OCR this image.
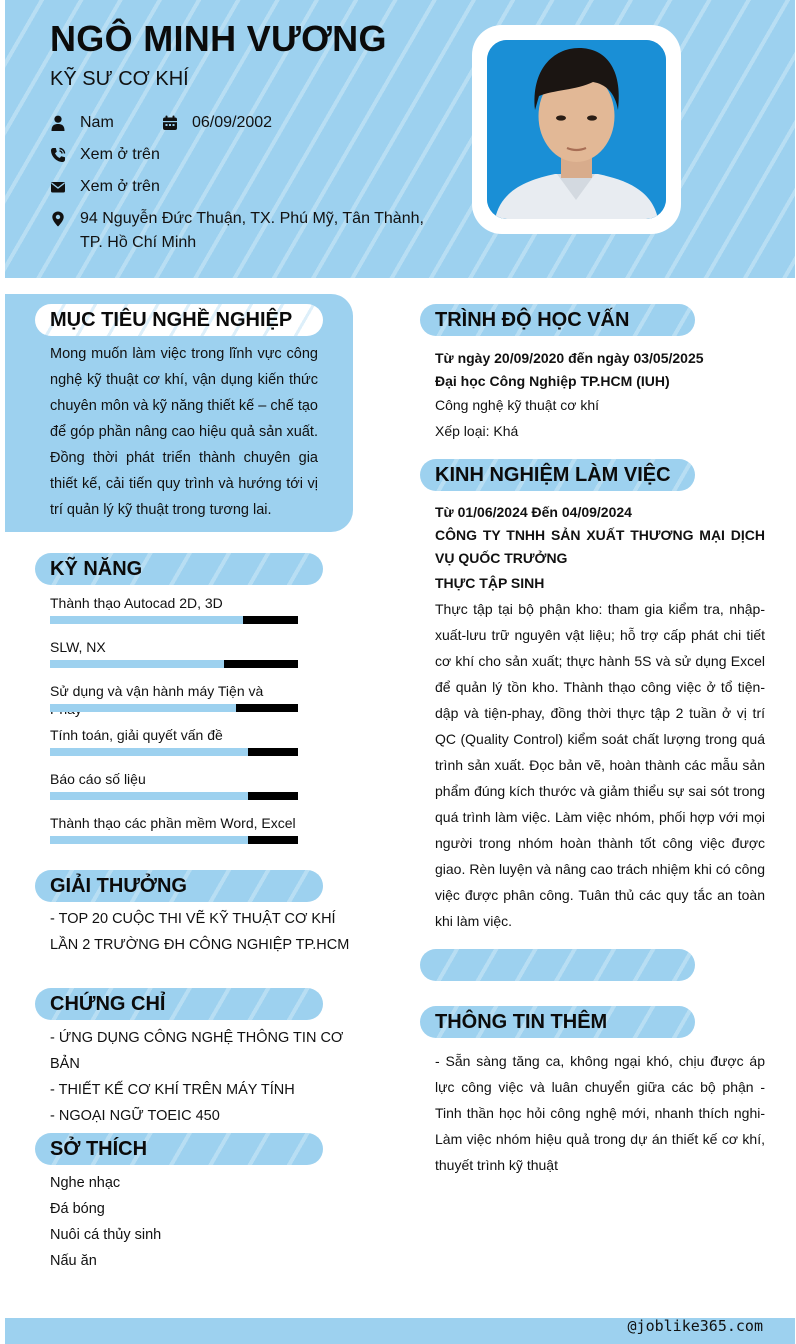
NGÔ MINH VƯƠNG
KỸ SƯ CƠ KHÍ
Nam	06/09/2002
Xem ở trên
Xem ở trên
94 Nguyễn Đức Thuận, TX. Phú Mỹ, Tân Thành, TP. Hồ Chí Minh
MỤC TIÊU NGHỀ NGHIỆP
Mong muốn làm việc trong lĩnh vực công nghệ kỹ thuật cơ khí, vận dụng kiến thức chuyên môn và kỹ năng thiết kế – chế tạo để góp phần nâng cao hiệu quả sản xuất. Đồng thời phát triển thành chuyên gia thiết kế, cải tiến quy trình và hướng tới vị trí quản lý kỹ thuật trong tương lai.
KỸ NĂNG
Thành thạo Autocad 2D, 3D
SLW, NX
Sử dụng và vận hành máy Tiện và
Tính toán, giải quyết vấn đề
Báo cáo số liệu
Thành thạo các phần mềm Word, Excel
GIẢI THƯỞNG
- TOP 20 CUỘC THI VẼ KỸ THUẬT CƠ KHÍ LẦN 2 TRƯỜNG ĐH CÔNG NGHIỆP TP.HCM
CHỨNG CHỈ
- ỨNG DỤNG CÔNG NGHỆ THÔNG TIN CƠ BẢN
- THIẾT KẾ CƠ KHÍ TRÊN MÁY TÍNH
- NGOẠI NGỮ TOEIC 450
SỞ THÍCH
Nghe nhạc
Đá bóng
Nuôi cá thủy sinh
Nấu ăn
TRÌNH ĐỘ HỌC VẤN
Từ ngày 20/09/2020 đến ngày 03/05/2025
Đại học Công Nghiệp TP.HCM (IUH)
Công nghệ kỹ thuật cơ khí
Xếp loại: Khá
KINH NGHIỆM LÀM VIỆC
Từ 01/06/2024 Đến 04/09/2024
CÔNG TY TNHH SẢN XUẤT THƯƠNG MẠI DỊCH VỤ QUỐC TRƯỞNG
THỰC TẬP SINH
Thực tập tại bộ phận kho: tham gia kiểm tra, nhập-xuất-lưu trữ nguyên vật liệu; hỗ trợ cấp phát chi tiết cơ khí cho sản xuất; thực hành 5S và sử dụng Excel để quản lý tồn kho. Thành thạo công việc ở tổ tiện-dập và tiện-phay, đồng thời thực tập 2 tuần ở vị trí QC (Quality Control) kiểm soát chất lượng trong quá trình sản xuất. Đọc bản vẽ, hoàn thành các mẫu sản phẩm đúng kích thước và giảm thiểu sự sai sót trong quá trình làm việc. Làm việc nhóm, phối hợp với mọi người trong nhóm hoàn thành tốt công việc được giao. Rèn luyện và nâng cao trách nhiệm khi có công việc được phân công. Tuân thủ các quy tắc an toàn khi làm việc.
THÔNG TIN THÊM
- Sẵn sàng tăng ca, không ngại khó, chịu được áp lực công việc và luân chuyển giữa các bộ phận - Tinh thần học hỏi công nghệ mới, nhanh thích nghi- Làm việc nhóm hiệu quả trong dự án thiết kế cơ khí, thuyết trình kỹ thuật
@joblike365.com
